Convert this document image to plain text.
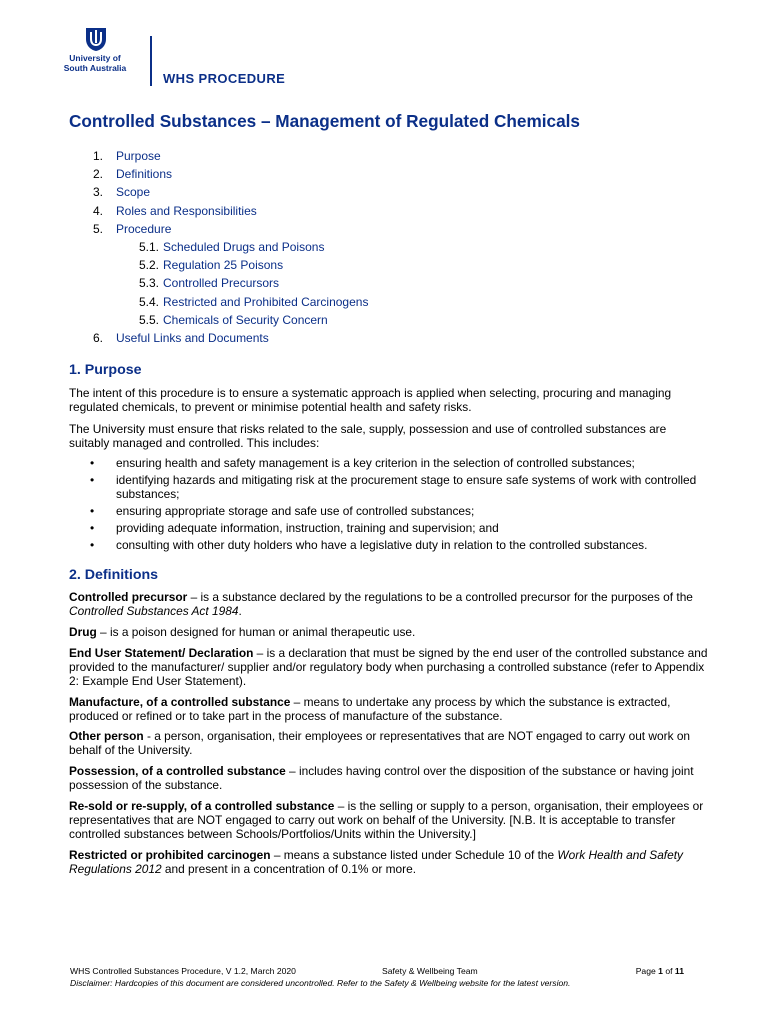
University of
South Australia
WHS PROCEDURE
Controlled Substances – Management of Regulated Chemicals
1. Purpose
2. Definitions
3. Scope
4. Roles and Responsibilities
5. Procedure
5.1. Scheduled Drugs and Poisons
5.2. Regulation 25 Poisons
5.3. Controlled Precursors
5.4. Restricted and Prohibited Carcinogens
5.5. Chemicals of Security Concern
6. Useful Links and Documents
1. Purpose

The intent of this procedure is to ensure a systematic approach is applied when selecting, procuring and managing regulated chemicals, to prevent or minimise potential health and safety risks.

The University must ensure that risks related to the sale, supply, possession and use of controlled substances are suitably managed and controlled. This includes:

• ensuring health and safety management is a key criterion in the selection of controlled substances;
• identifying hazards and mitigating risk at the procurement stage to ensure safe systems of work with controlled substances;
• ensuring appropriate storage and safe use of controlled substances;
• providing adequate information, instruction, training and supervision; and
• consulting with other duty holders who have a legislative duty in relation to the controlled substances.
2. Definitions

Controlled precursor – is a substance declared by the regulations to be a controlled precursor for the purposes of the Controlled Substances Act 1984.

Drug – is a poison designed for human or animal therapeutic use.

End User Statement/ Declaration – is a declaration that must be signed by the end user of the controlled substance and provided to the manufacturer/ supplier and/or regulatory body when purchasing a controlled substance (refer to Appendix 2: Example End User Statement).

Manufacture, of a controlled substance – means to undertake any process by which the substance is extracted, produced or refined or to take part in the process of manufacture of the substance.

Other person - a person, organisation, their employees or representatives that are NOT engaged to carry out work on behalf of the University.

Possession, of a controlled substance – includes having control over the disposition of the substance or having joint possession of the substance.

Re-sold or re-supply, of a controlled substance – is the selling or supply to a person, organisation, their employees or representatives that are NOT engaged to carry out work on behalf of the University. [N.B. It is acceptable to transfer controlled substances between Schools/Portfolios/Units within the University.]

Restricted or prohibited carcinogen – means a substance listed under Schedule 10 of the Work Health and Safety Regulations 2012 and present in a concentration of 0.1% or more.

WHS Controlled Substances Procedure, V 1.2, March 2020	Safety & Wellbeing Team	Page 1 of 11
Disclaimer: Hardcopies of this document are considered uncontrolled. Refer to the Safety & Wellbeing website for the latest version.
